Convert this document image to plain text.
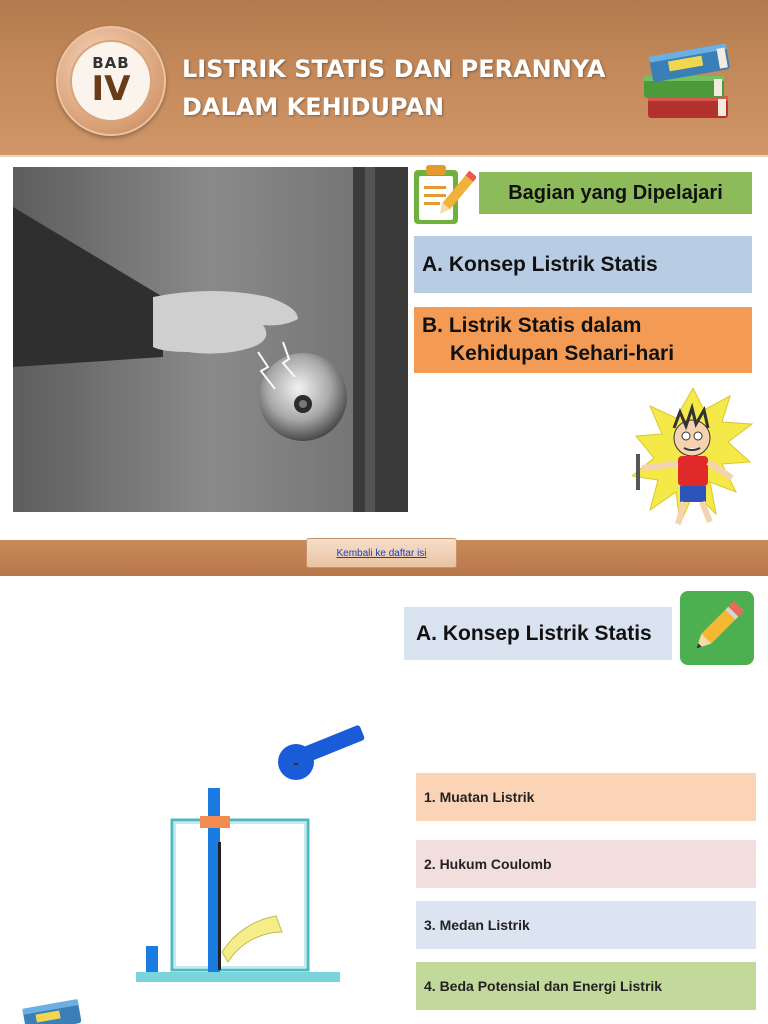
BAB
IV	LISTRIK STATIS DAN PERANNYA
DALAM KEHIDUPAN
Bagian yang Dipelajari
A. Konsep Listrik Statis
B. Listrik Statis dalam
Kehidupan Sehari-hari
Kembali ke daftar isi
A. Konsep Listrik Statis
-
1. Muatan Listrik
2. Hukum Coulomb
3. Medan Listrik
4. Beda Potensial dan Energi Listrik
